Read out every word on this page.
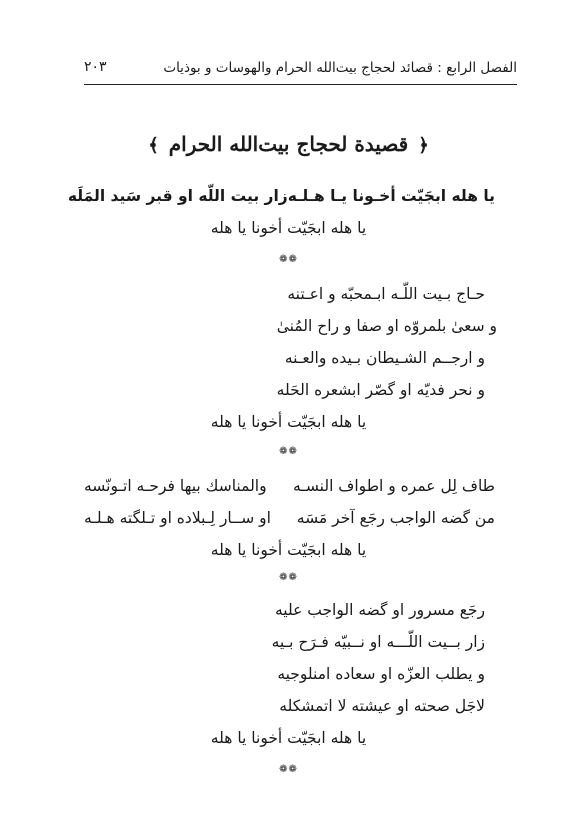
الفصل الرابع : قصائد لحجاج بيت‌الله الحرام والهوسات و بوذيات
٢٠٣
﴿قصيدة لحجاج بيت‌الله الحرام﴾
يا هله ابجَيّت أخـونا يـا هـلـه
زار بيت اللّه او قبر سَيد المَلَه
يا هله ابجَيّت أخونا يا هله
❁❁
حـاج بـيت اللّـه ابـمحبّه و اعـتنه
و سعىٰ بلمروّه او صفا و راح المُنىٰ
و ارجــم الشـيطان بـيده والعـنه
و نحر فديّه او گصّر ابشعره الحَله
يا هله ابجَيّت أخونا يا هله
❁❁
طاف لِل عمره و اطواف النسـه
والمناسك بيها فرحـه اتـونّسه
من گضه الواجب رجَع آخر مَسَه
او ســار لِـبلاده او تـلگته هـلـه
يا هله ابجَيّت أخونا يا هله
❁❁
رجَع مسرور او گضه الواجب عليه
زار بــيت اللّـــه او نــبيّه فـرَح بـيه
و يطلب العزّه او سعاده امنلوجيه
لاجَل صحته او عيشته لا اتمشكله
يا هله ابجَيّت أخونا يا هله
❁❁
